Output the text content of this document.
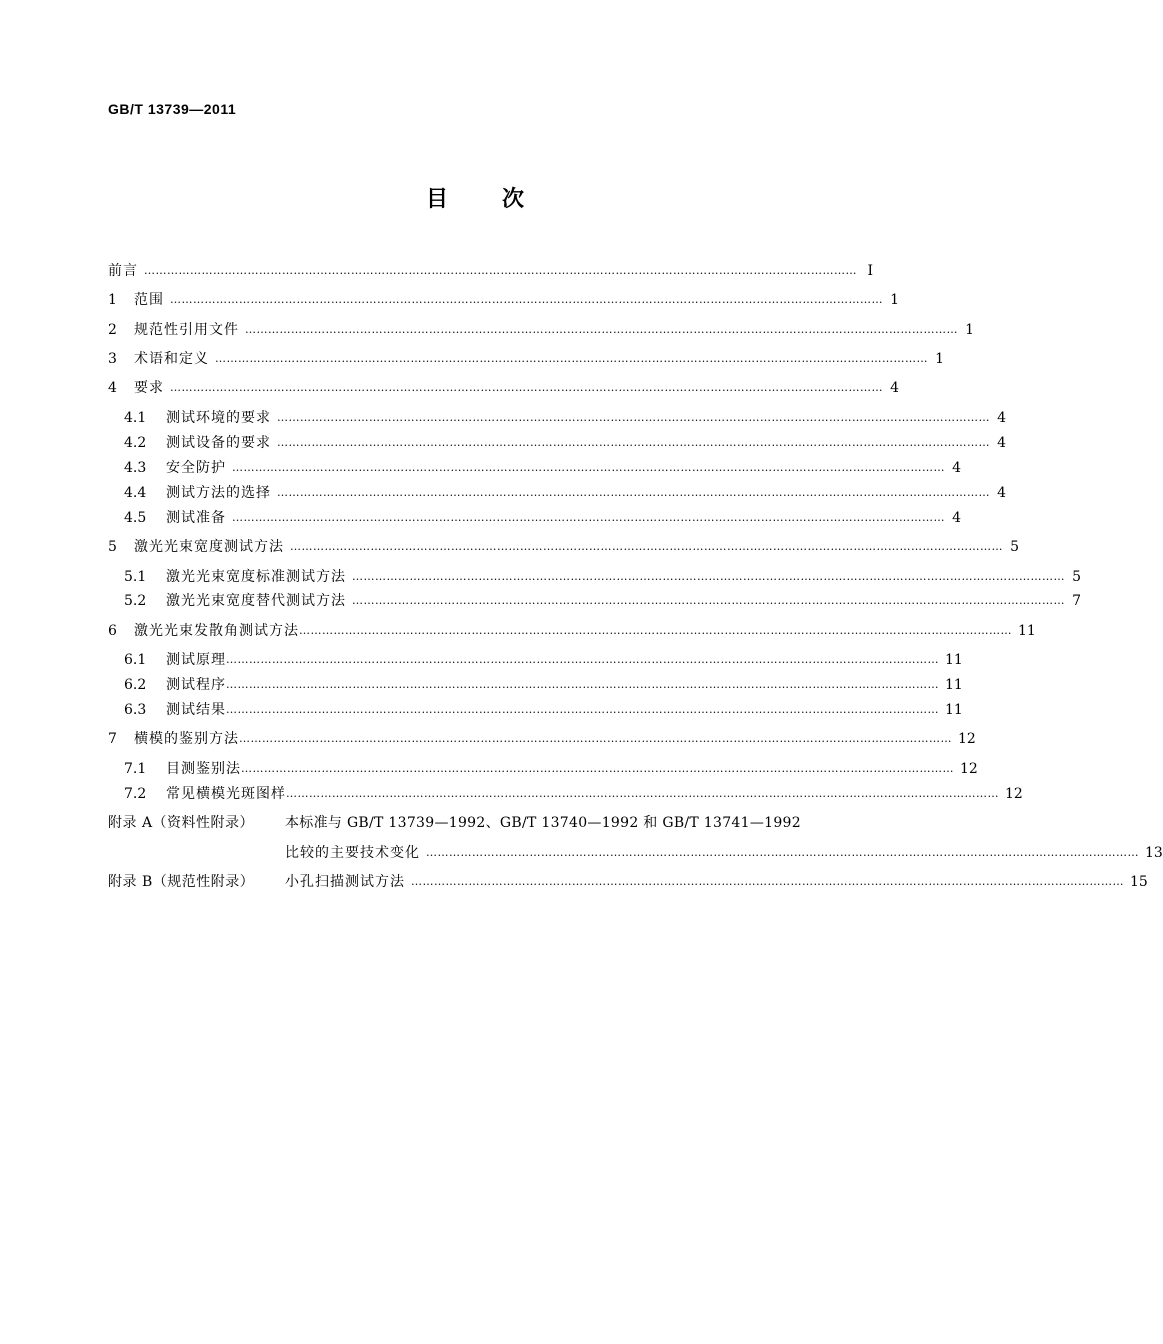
GB/T 13739—2011
目 次
前言 …………………………………………………………………………………………………………………………………………………………………… Ⅰ
1	范围 …………………………………………………………………………………………………………………………………………………………………… 1
2	规范性引用文件 …………………………………………………………………………………………………………………………………………………………………… 1
3	术语和定义 …………………………………………………………………………………………………………………………………………………………………… 1
4	要求 …………………………………………………………………………………………………………………………………………………………………… 4
4.1	测试环境的要求 …………………………………………………………………………………………………………………………………………………………………… 4
4.2	测试设备的要求 …………………………………………………………………………………………………………………………………………………………………… 4
4.3	安全防护 …………………………………………………………………………………………………………………………………………………………………… 4
4.4	测试方法的选择 …………………………………………………………………………………………………………………………………………………………………… 4
4.5	测试准备 …………………………………………………………………………………………………………………………………………………………………… 4
5	激光光束宽度测试方法 …………………………………………………………………………………………………………………………………………………………………… 5
5.1	激光光束宽度标准测试方法 …………………………………………………………………………………………………………………………………………………………………… 5
5.2	激光光束宽度替代测试方法 …………………………………………………………………………………………………………………………………………………………………… 7
6	激光光束发散角测试方法 …………………………………………………………………………………………………………………………………………………………………… 11
6.1	测试原理 …………………………………………………………………………………………………………………………………………………………………… 11
6.2	测试程序 …………………………………………………………………………………………………………………………………………………………………… 11
6.3	测试结果 …………………………………………………………………………………………………………………………………………………………………… 11
7	横模的鉴别方法 …………………………………………………………………………………………………………………………………………………………………… 12
7.1	目测鉴别法 …………………………………………………………………………………………………………………………………………………………………… 12
7.2	常见横模光斑图样 …………………………………………………………………………………………………………………………………………………………………… 12
附录 A（资料性附录）	本标准与 GB/T 13739—1992、GB/T 13740—1992 和 GB/T 13741—1992
比较的主要技术变化 …………………………………………………………………………………………………………………………………………………………………… 13
附录 B（规范性附录）	小孔扫描测试方法 …………………………………………………………………………………………………………………………………………………………………… 15
